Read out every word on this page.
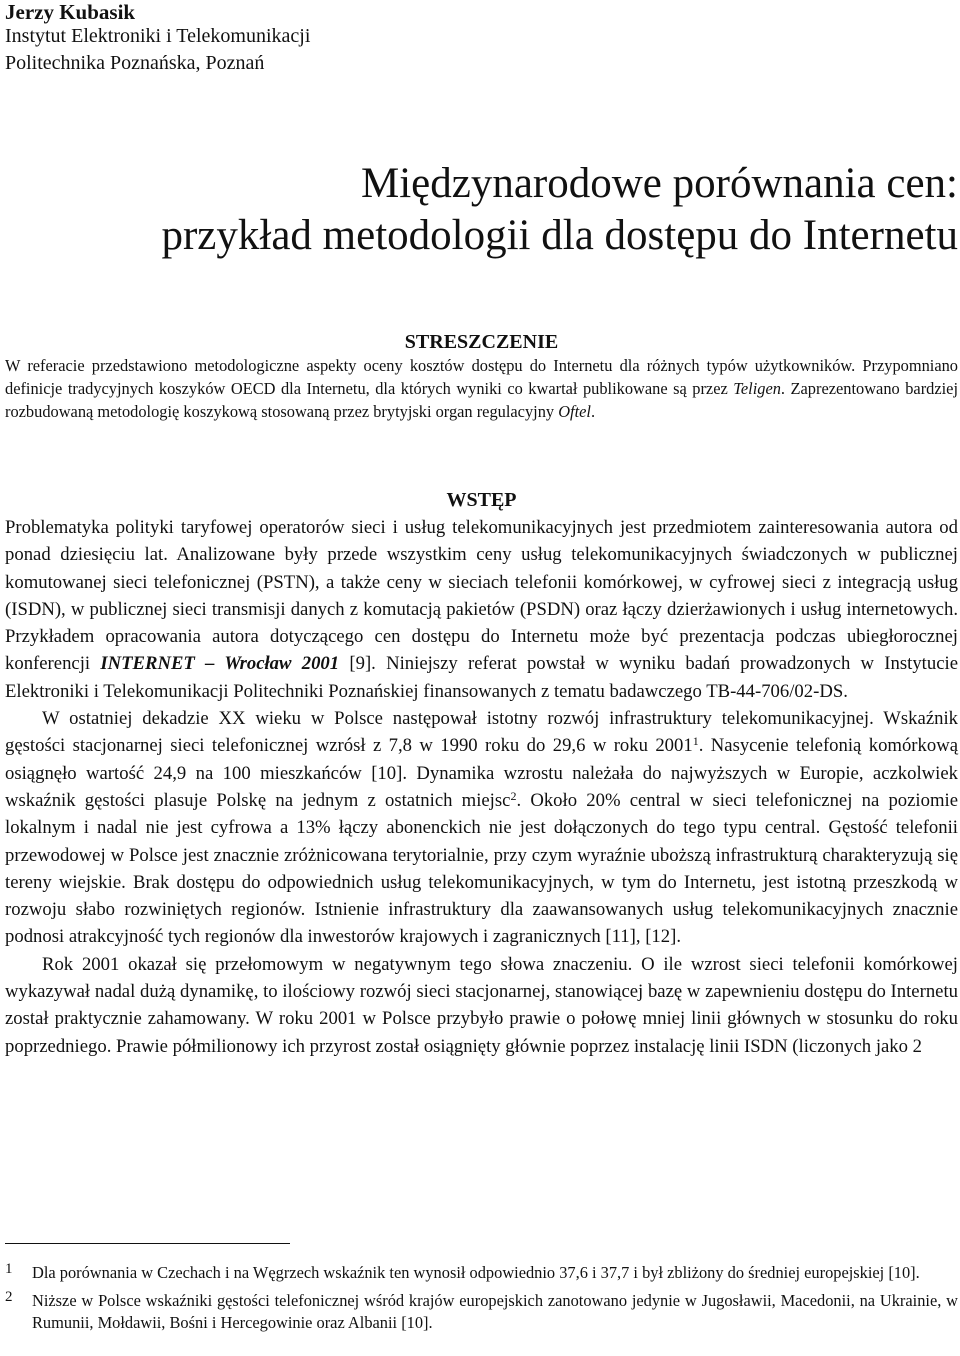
Jerzy Kubasik
Instytut Elektroniki i Telekomunikacji
Politechnika Poznańska, Poznań
Międzynarodowe porównania cen:
przykład metodologii dla dostępu do Internetu
STRESZCZENIE
W referacie przedstawiono metodologiczne aspekty oceny kosztów dostępu do Internetu dla różnych typów użytkowników. Przypomniano definicje tradycyjnych koszyków OECD dla Internetu, dla których wyniki co kwartał publikowane są przez Teligen. Zaprezentowano bardziej rozbudowaną metodologię koszykową stosowaną przez brytyjski organ regulacyjny Oftel.
WSTĘP

Problematyka polityki taryfowej operatorów sieci i usług telekomunikacyjnych jest przedmiotem zainteresowania autora od ponad dziesięciu lat. Analizowane były przede wszystkim ceny usług telekomunikacyjnych świadczonych w publicznej komutowanej sieci telefonicznej (PSTN), a także ceny w sieciach telefonii komórkowej, w cyfrowej sieci z integracją usług (ISDN), w publicznej sieci transmisji danych z komutacją pakietów (PSDN) oraz łączy dzierżawionych i usług internetowych. Przykładem opracowania autora dotyczącego cen dostępu do Internetu może być prezentacja podczas ubiegłorocznej konferencji INTERNET – Wrocław 2001 [9]. Niniejszy referat powstał w wyniku badań prowadzonych w Instytucie Elektroniki i Telekomunikacji Politechniki Poznańskiej finansowanych z tematu badawczego TB-44-706/02-DS.

W ostatniej dekadzie XX wieku w Polsce następował istotny rozwój infrastruktury telekomunikacyjnej. Wskaźnik gęstości stacjonarnej sieci telefonicznej wzrósł z 7,8 w 1990 roku do 29,6 w roku 2001$^1$. Nasycenie telefonią komórkową osiągnęło wartość 24,9 na 100 mieszkańców [10]. Dynamika wzrostu należała do najwyższych w Europie, aczkolwiek wskaźnik gęstości plasuje Polskę na jednym z ostatnich miejsc$^2$. Około 20% central w sieci telefonicznej na poziomie lokalnym i nadal nie jest cyfrowa a 13% łączy abonenckich nie jest dołączonych do tego typu central. Gęstość telefonii przewodowej w Polsce jest znacznie zróżnicowana terytorialnie, przy czym wyraźnie uboższą infrastrukturą charakteryzują się tereny wiejskie. Brak dostępu do odpowiednich usług telekomunikacyjnych, w tym do Internetu, jest istotną przeszkodą w rozwoju słabo rozwiniętych regionów. Istnienie infrastruktury dla zaawansowanych usług telekomunikacyjnych znacznie podnosi atrakcyjność tych regionów dla inwestorów krajowych i zagranicznych [11], [12].

Rok 2001 okazał się przełomowym w negatywnym tego słowa znaczeniu. O ile wzrost sieci telefonii komórkowej wykazywał nadal dużą dynamikę, to ilościowy rozwój sieci stacjonarnej, stanowiącej bazę w zapewnieniu dostępu do Internetu został praktycznie zahamowany. W roku 2001 w Polsce przybyło prawie o połowę mniej linii głównych w stosunku do roku poprzedniego. Prawie półmilionowy ich przyrost został osiągnięty głównie poprzez instalację linii ISDN (liczonych jako 2

1 Dla porównania w Czechach i na Węgrzech wskaźnik ten wynosił odpowiednio 37,6 i 37,7 i był zbliżony do średniej europejskiej [10].
2 Niższe w Polsce wskaźniki gęstości telefonicznej wśród krajów europejskich zanotowano jedynie w Jugosławii, Macedonii, na Ukrainie, w Rumunii, Mołdawii, Bośni i Hercegowinie oraz Albanii [10].
